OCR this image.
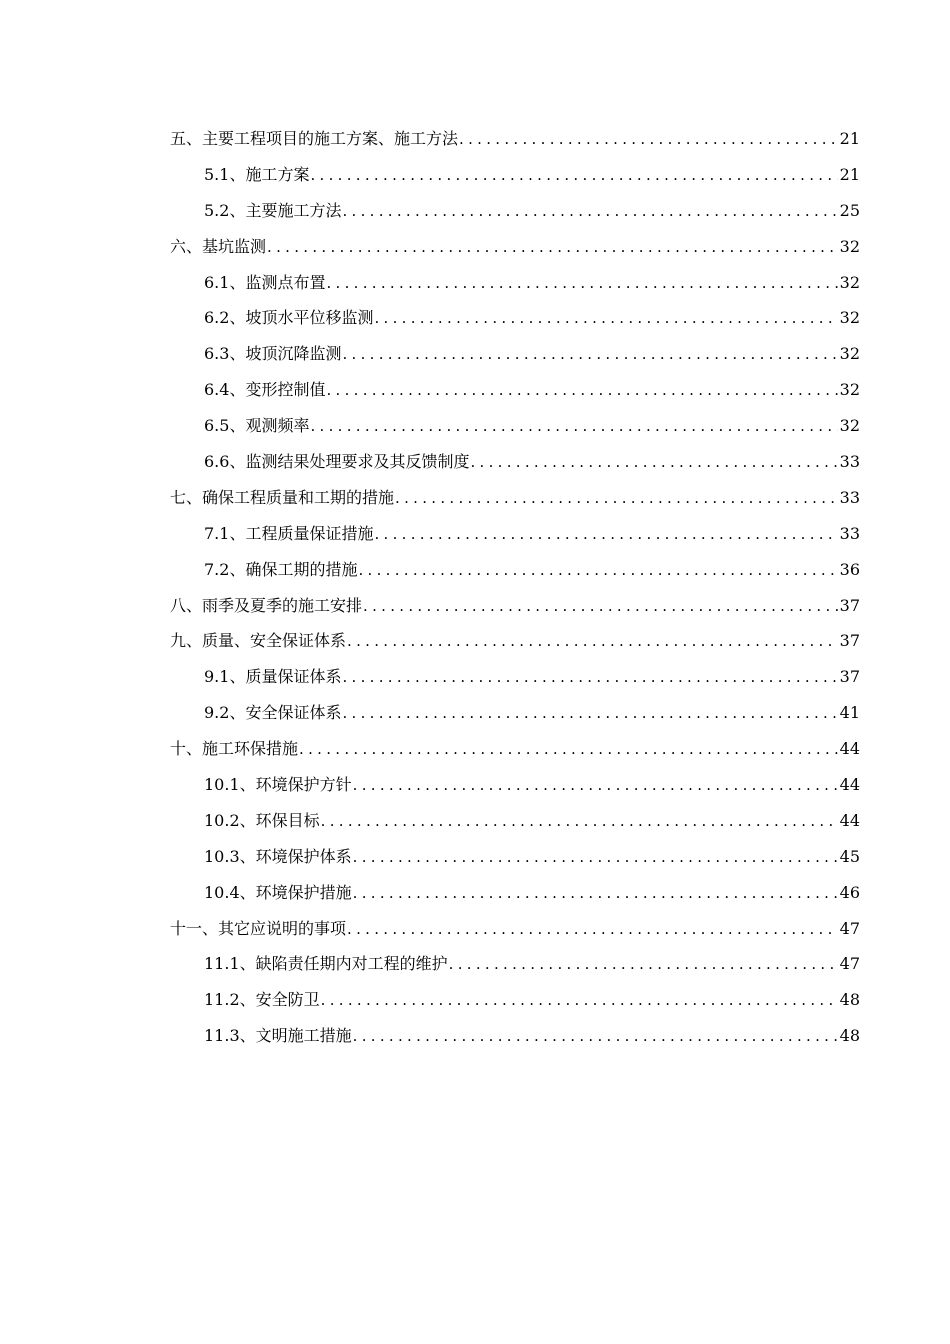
五、主要工程项目的施工方案、施工方法 .....	21
5.1、施工方案 .....	21
5.2、主要施工方法 .....	25
六、基坑监测 .....	32
6.1、监测点布置 .....	32
6.2、坡顶水平位移监测 .....	32
6.3、坡顶沉降监测 .....	32
6.4、变形控制值 .....	32
6.5、观测频率 .....	32
6.6、监测结果处理要求及其反馈制度 .....	33
七、确保工程质量和工期的措施 .....	33
7.1、工程质量保证措施 .....	33
7.2、确保工期的措施 .....	36
八、雨季及夏季的施工安排 .....	37
九、质量、安全保证体系 .....	37
9.1、质量保证体系 .....	37
9.2、安全保证体系 .....	41
十、施工环保措施 .....	44
10.1、环境保护方针 .....	44
10.2、环保目标 .....	44
10.3、环境保护体系 .....	45
10.4、环境保护措施 .....	46
十一、其它应说明的事项 .....	47
11.1、缺陷责任期内对工程的维护 .....	47
11.2、安全防卫 .....	48
11.3、文明施工措施 .....	48
